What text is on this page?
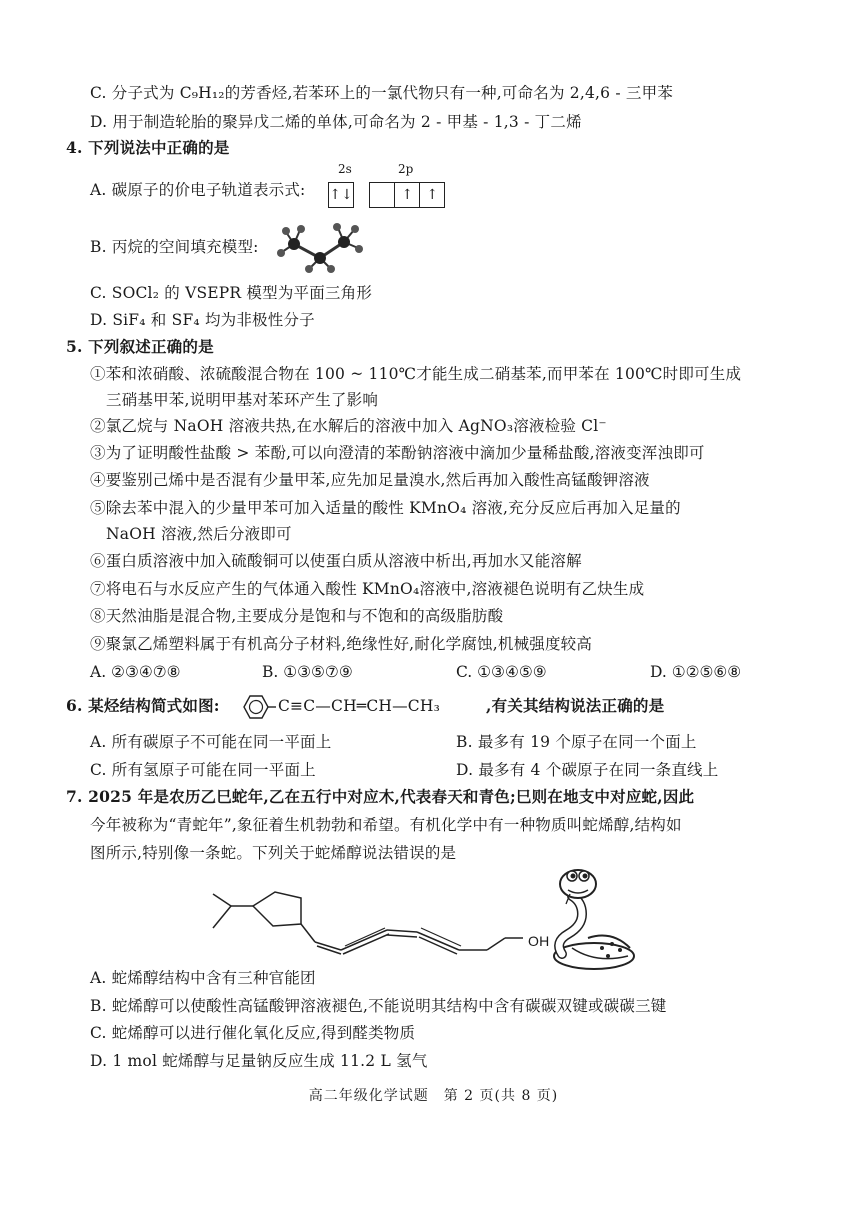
C. 分子式为 C₉H₁₂的芳香烃,若苯环上的一氯代物只有一种,可命名为 2,4,6 - 三甲苯
D. 用于制造轮胎的聚异戊二烯的单体,可命名为 2 - 甲基 - 1,3 - 丁二烯
4. 下列说法中正确的是
A. 碳原子的价电子轨道表示式:
2s	2p
↑↓	↑ ↑
B. 丙烷的空间填充模型:
C. SOCl₂ 的 VSEPR 模型为平面三角形
D. SiF₄ 和 SF₄ 均为非极性分子
5. 下列叙述正确的是
①苯和浓硝酸、浓硫酸混合物在 100 ~ 110℃才能生成二硝基苯,而甲苯在 100℃时即可生成
三硝基甲苯,说明甲基对苯环产生了影响
②氯乙烷与 NaOH 溶液共热,在水解后的溶液中加入 AgNO₃溶液检验 Cl⁻
③为了证明酸性盐酸 > 苯酚,可以向澄清的苯酚钠溶液中滴加少量稀盐酸,溶液变浑浊即可
④要鉴别己烯中是否混有少量甲苯,应先加足量溴水,然后再加入酸性高锰酸钾溶液
⑤除去苯中混入的少量甲苯可加入适量的酸性 KMnO₄ 溶液,充分反应后再加入足量的
NaOH 溶液,然后分液即可
⑥蛋白质溶液中加入硫酸铜可以使蛋白质从溶液中析出,再加水又能溶解
⑦将电石与水反应产生的气体通入酸性 KMnO₄溶液中,溶液褪色说明有乙炔生成
⑧天然油脂是混合物,主要成分是饱和与不饱和的高级脂肪酸
⑨聚氯乙烯塑料属于有机高分子材料,绝缘性好,耐化学腐蚀,机械强度较高
A. ②③④⑦⑧	B. ①③⑤⑦⑨	C. ①③④⑤⑨	D. ①②⑤⑥⑧
6. 某烃结构简式如图:	C≡C—CH═CH—CH₃	,有关其结构说法正确的是
A. 所有碳原子不可能在同一平面上	B. 最多有 19 个原子在同一个面上
C. 所有氢原子可能在同一平面上	D. 最多有 4 个碳原子在同一条直线上
7. 2025 年是农历乙巳蛇年,乙在五行中对应木,代表春天和青色;巳则在地支中对应蛇,因此
今年被称为“青蛇年”,象征着生机勃勃和希望。有机化学中有一种物质叫蛇烯醇,结构如
图所示,特别像一条蛇。下列关于蛇烯醇说法错误的是
OH
A. 蛇烯醇结构中含有三种官能团
B. 蛇烯醇可以使酸性高锰酸钾溶液褪色,不能说明其结构中含有碳碳双键或碳碳三键
C. 蛇烯醇可以进行催化氧化反应,得到醛类物质
D. 1 mol 蛇烯醇与足量钠反应生成 11.2 L 氢气
高二年级化学试题　第 2 页(共 8 页)
